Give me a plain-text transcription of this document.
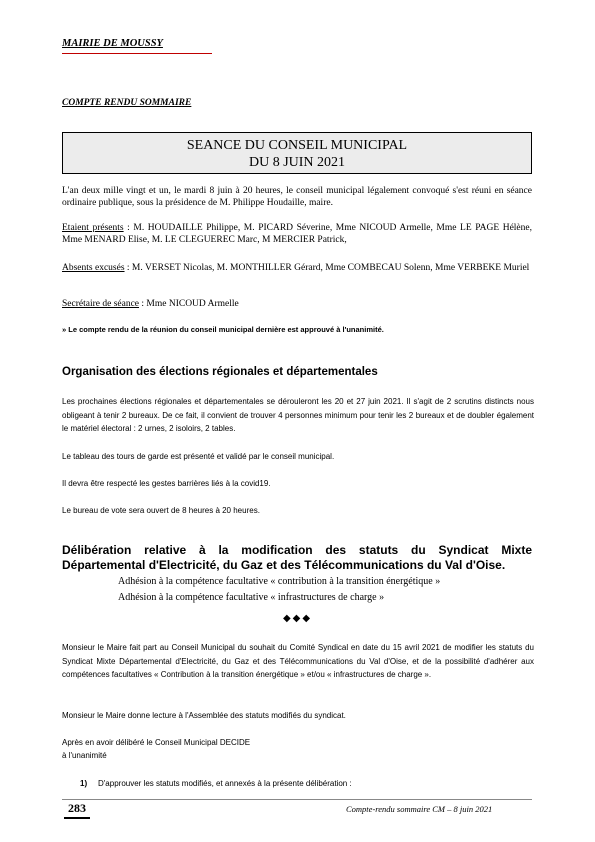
MAIRIE DE MOUSSY
COMPTE RENDU SOMMAIRE
SEANCE DU CONSEIL MUNICIPAL
DU 8 JUIN 2021
L'an deux mille vingt et un, le mardi 8 juin à 20 heures, le conseil municipal légalement convoqué s'est réuni en séance ordinaire publique, sous la présidence de M. Philippe Houdaille, maire.
Etaient présents : M. HOUDAILLE Philippe, M. PICARD Séverine, Mme NICOUD Armelle, Mme LE PAGE Hélène, Mme MENARD Elise, M. LE CLEGUEREC Marc, M MERCIER Patrick,
Absents excusés : M. VERSET Nicolas, M. MONTHILLER Gérard, Mme COMBECAU Solenn, Mme VERBEKE Muriel
Secrétaire de séance : Mme NICOUD Armelle
» Le compte rendu de la réunion du conseil municipal dernière est approuvé à l'unanimité.
Organisation des élections régionales et départementales
Les prochaines élections régionales et départementales se dérouleront les 20 et 27 juin 2021. Il s'agit de 2 scrutins distincts nous obligeant à tenir 2 bureaux. De ce fait, il convient de trouver 4 personnes minimum pour tenir les 2 bureaux et de doubler également le matériel électoral : 2 urnes, 2 isoloirs, 2 tables.
Le tableau des tours de garde est présenté et validé par le conseil municipal.
Il devra être respecté les gestes barrières liés à la covid19.
Le bureau de vote sera ouvert de 8 heures à 20 heures.
Délibération relative à la modification des statuts du Syndicat Mixte Départemental d'Electricité, du Gaz et des Télécommunications du Val d'Oise.
Adhésion à la compétence facultative « contribution à la transition énergétique »
Adhésion à la compétence facultative « infrastructures de charge »
◆◆◆
Monsieur le Maire fait part au Conseil Municipal du souhait du Comité Syndical en date du 15 avril 2021 de modifier les statuts du Syndicat Mixte Départemental d'Electricité, du Gaz et des Télécommunications du Val d'Oise, et de la possibilité d'adhérer aux compétences facultatives « Contribution à la transition énergétique » et/ou « infrastructures de charge ».
Monsieur le Maire donne lecture à l'Assemblée des statuts modifiés du syndicat.
Après en avoir délibéré le Conseil Municipal DECIDE
à l'unanimité
1) D'approuver les statuts modifiés, et annexés à la présente délibération :
283	Compte-rendu sommaire CM – 8 juin 2021
